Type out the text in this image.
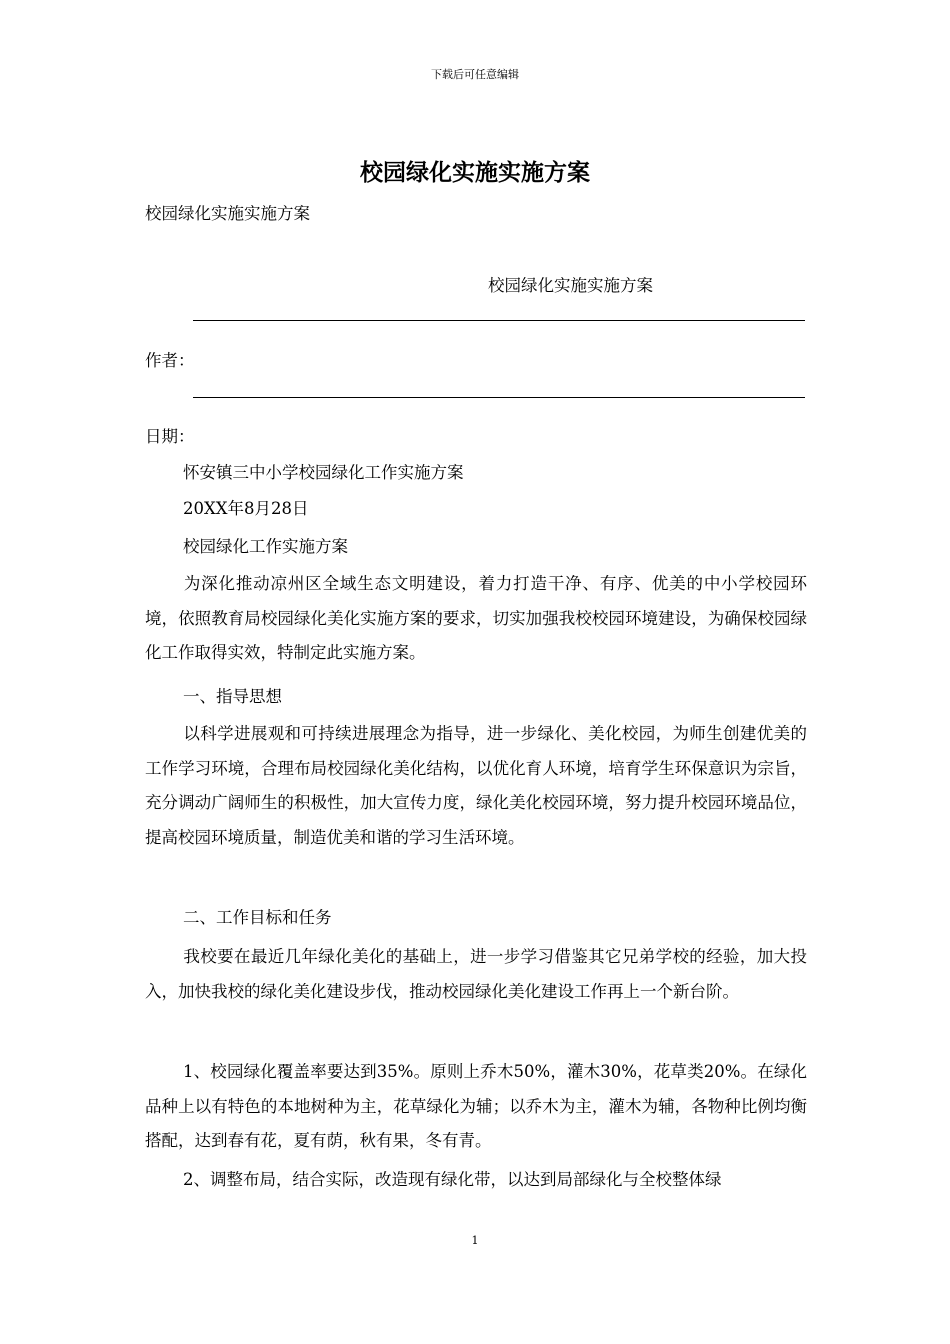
下载后可任意编辑
校园绿化实施实施方案
校园绿化实施实施方案
校园绿化实施实施方案
作者：
日期：
怀安镇三中小学校园绿化工作实施方案
20XX年8月28日
校园绿化工作实施方案
为深化推动凉州区全域生态文明建设，着力打造干净、有序、优美的中小学校园环境，依照教育局校园绿化美化实施方案的要求，切实加强我校校园环境建设，为确保校园绿化工作取得实效，特制定此实施方案。
一、指导思想
以科学进展观和可持续进展理念为指导，进一步绿化、美化校园，为师生创建优美的工作学习环境，合理布局校园绿化美化结构，以优化育人环境，培育学生环保意识为宗旨，充分调动广阔师生的积极性，加大宣传力度，绿化美化校园环境，努力提升校园环境品位，提高校园环境质量，制造优美和谐的学习生活环境。
二、工作目标和任务
我校要在最近几年绿化美化的基础上，进一步学习借鉴其它兄弟学校的经验，加大投入，加快我校的绿化美化建设步伐，推动校园绿化美化建设工作再上一个新台阶。
1、校园绿化覆盖率要达到35%。原则上乔木50%，灌木30%，花草类20%。在绿化品种上以有特色的本地树种为主，花草绿化为辅；以乔木为主，灌木为辅，各物种比例均衡搭配，达到春有花，夏有荫，秋有果，冬有青。
2、调整布局，结合实际，改造现有绿化带，以达到局部绿化与全校整体绿
1
